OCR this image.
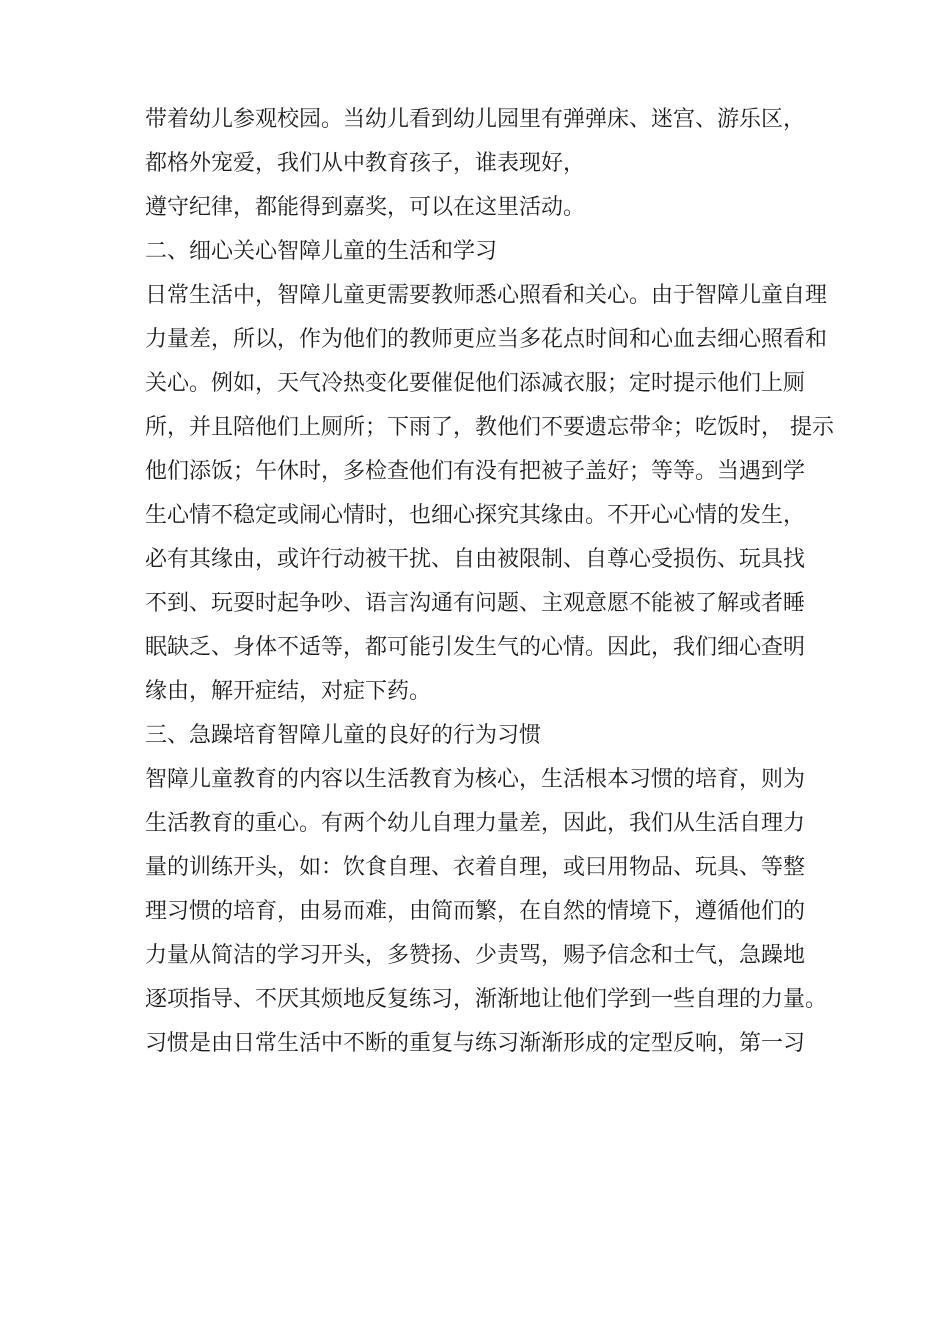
带着幼儿参观校园。当幼儿看到幼儿园里有弹弹床、迷宫、游乐区，
都格外宠爱，我们从中教育孩子，谁表现好，
遵守纪律，都能得到嘉奖，可以在这里活动。
二、细心关心智障儿童的生活和学习
日常生活中，智障儿童更需要教师悉心照看和关心。由于智障儿童自理
力量差，所以，作为他们的教师更应当多花点时间和心血去细心照看和
关心。例如，天气冷热变化要催促他们添减衣服；定时提示他们上厕
所，并且陪他们上厕所；下雨了，教他们不要遗忘带伞；吃饭时， 提示
他们添饭；午休时，多检查他们有没有把被子盖好；等等。当遇到学
生心情不稳定或闹心情时，也细心探究其缘由。不开心心情的发生，
必有其缘由，或许行动被干扰、自由被限制、自尊心受损伤、玩具找
不到、玩耍时起争吵、语言沟通有问题、主观意愿不能被了解或者睡
眠缺乏、身体不适等，都可能引发生气的心情。因此，我们细心查明
缘由，解开症结，对症下药。
三、急躁培育智障儿童的良好的行为习惯
智障儿童教育的内容以生活教育为核心，生活根本习惯的培育，则为
生活教育的重心。有两个幼儿自理力量差，因此，我们从生活自理力
量的训练开头，如：饮食自理、衣着自理，或曰用物品、玩具、等整
理习惯的培育，由易而难，由简而繁，在自然的情境下，遵循他们的
力量从简洁的学习开头，多赞扬、少责骂，赐予信念和士气，急躁地
逐项指导、不厌其烦地反复练习，渐渐地让他们学到一些自理的力量。
习惯是由日常生活中不断的重复与练习渐渐形成的定型反响，第一习
